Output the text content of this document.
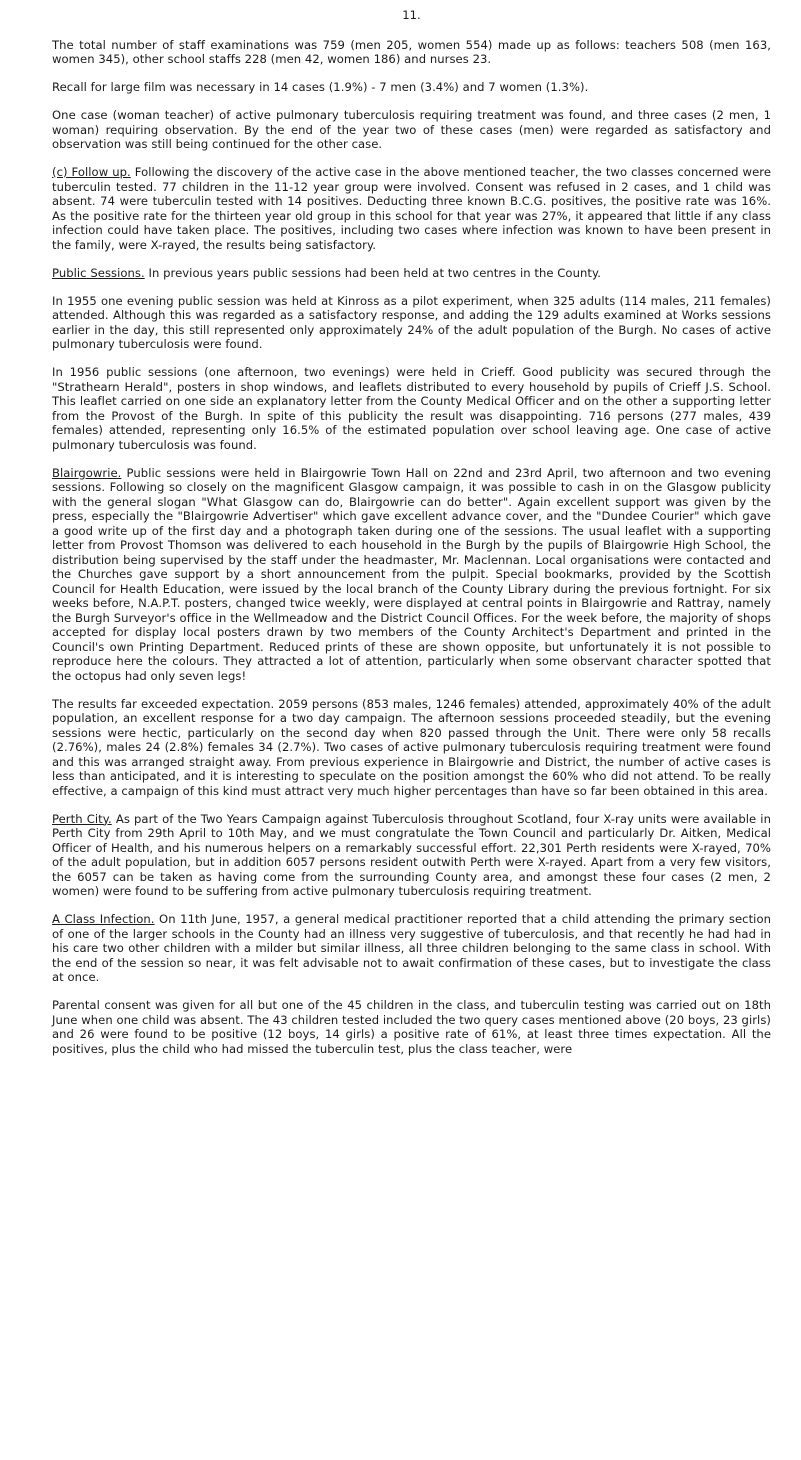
11.

The total number of staff examinations was 759 (men 205, women 554) made up as follows: teachers 508 (men 163, women 345), other school staffs 228 (men 42, women 186) and nurses 23.

Recall for large film was necessary in 14 cases (1.9%) - 7 men (3.4%) and 7 women (1.3%).

One case (woman teacher) of active pulmonary tuberculosis requiring treatment was found, and three cases (2 men, 1 woman) requiring observation. By the end of the year two of these cases (men) were regarded as satisfactory and observation was still being continued for the other case.

(c) Follow up. Following the discovery of the active case in the above mentioned teacher, the two classes concerned were tuberculin tested. 77 children in the 11-12 year group were involved. Consent was refused in 2 cases, and 1 child was absent. 74 were tuberculin tested with 14 positives. Deducting three known B.C.G. positives, the positive rate was 16%. As the positive rate for the thirteen year old group in this school for that year was 27%, it appeared that little if any class infection could have taken place. The positives, including two cases where infection was known to have been present in the family, were X-rayed, the results being satisfactory.

Public Sessions. In previous years public sessions had been held at two centres in the County.

In 1955 one evening public session was held at Kinross as a pilot experiment, when 325 adults (114 males, 211 females) attended. Although this was regarded as a satisfactory response, and adding the 129 adults examined at Works sessions earlier in the day, this still represented only approximately 24% of the adult population of the Burgh. No cases of active pulmonary tuberculosis were found.

In 1956 public sessions (one afternoon, two evenings) were held in Crieff. Good publicity was secured through the "Strathearn Herald", posters in shop windows, and leaflets distributed to every household by pupils of Crieff J.S. School. This leaflet carried on one side an explanatory letter from the County Medical Officer and on the other a supporting letter from the Provost of the Burgh. In spite of this publicity the result was disappointing. 716 persons (277 males, 439 females) attended, representing only 16.5% of the estimated population over school leaving age. One case of active pulmonary tuberculosis was found.

Blairgowrie. Public sessions were held in Blairgowrie Town Hall on 22nd and 23rd April, two afternoon and two evening sessions. Following so closely on the magnificent Glasgow campaign, it was possible to cash in on the Glasgow publicity with the general slogan "What Glasgow can do, Blairgowrie can do better". Again excellent support was given by the press, especially the "Blairgowrie Advertiser" which gave excellent advance cover, and the "Dundee Courier" which gave a good write up of the first day and a photograph taken during one of the sessions. The usual leaflet with a supporting letter from Provost Thomson was delivered to each household in the Burgh by the pupils of Blairgowrie High School, the distribution being supervised by the staff under the headmaster, Mr. Maclennan. Local organisations were contacted and the Churches gave support by a short announcement from the pulpit. Special bookmarks, provided by the Scottish Council for Health Education, were issued by the local branch of the County Library during the previous fortnight. For six weeks before, N.A.P.T. posters, changed twice weekly, were displayed at central points in Blairgowrie and Rattray, namely the Burgh Surveyor's office in the Wellmeadow and the District Council Offices. For the week before, the majority of shops accepted for display local posters drawn by two members of the County Architect's Department and printed in the Council's own Printing Department. Reduced prints of these are shown opposite, but unfortunately it is not possible to reproduce here the colours. They attracted a lot of attention, particularly when some observant character spotted that the octopus had only seven legs!

The results far exceeded expectation. 2059 persons (853 males, 1246 females) attended, approximately 40% of the adult population, an excellent response for a two day campaign. The afternoon sessions proceeded steadily, but the evening sessions were hectic, particularly on the second day when 820 passed through the Unit. There were only 58 recalls (2.76%), males 24 (2.8%) females 34 (2.7%). Two cases of active pulmonary tuberculosis requiring treatment were found and this was arranged straight away. From previous experience in Blairgowrie and District, the number of active cases is less than anticipated, and it is interesting to speculate on the position amongst the 60% who did not attend. To be really effective, a campaign of this kind must attract very much higher percentages than have so far been obtained in this area.

Perth City. As part of the Two Years Campaign against Tuberculosis throughout Scotland, four X-ray units were available in Perth City from 29th April to 10th May, and we must congratulate the Town Council and particularly Dr. Aitken, Medical Officer of Health, and his numerous helpers on a remarkably successful effort. 22,301 Perth residents were X-rayed, 70% of the adult population, but in addition 6057 persons resident outwith Perth were X-rayed. Apart from a very few visitors, the 6057 can be taken as having come from the surrounding County area, and amongst these four cases (2 men, 2 women) were found to be suffering from active pulmonary tuberculosis requiring treatment.

A Class Infection. On 11th June, 1957, a general medical practitioner reported that a child attending the primary section of one of the larger schools in the County had an illness very suggestive of tuberculosis, and that recently he had had in his care two other children with a milder but similar illness, all three children belonging to the same class in school. With the end of the session so near, it was felt advisable not to await confirmation of these cases, but to investigate the class at once.

Parental consent was given for all but one of the 45 children in the class, and tuberculin testing was carried out on 18th June when one child was absent. The 43 children tested included the two query cases mentioned above (20 boys, 23 girls) and 26 were found to be positive (12 boys, 14 girls) a positive rate of 61%, at least three times expectation. All the positives, plus the child who had missed the tuberculin test, plus the class teacher, were
